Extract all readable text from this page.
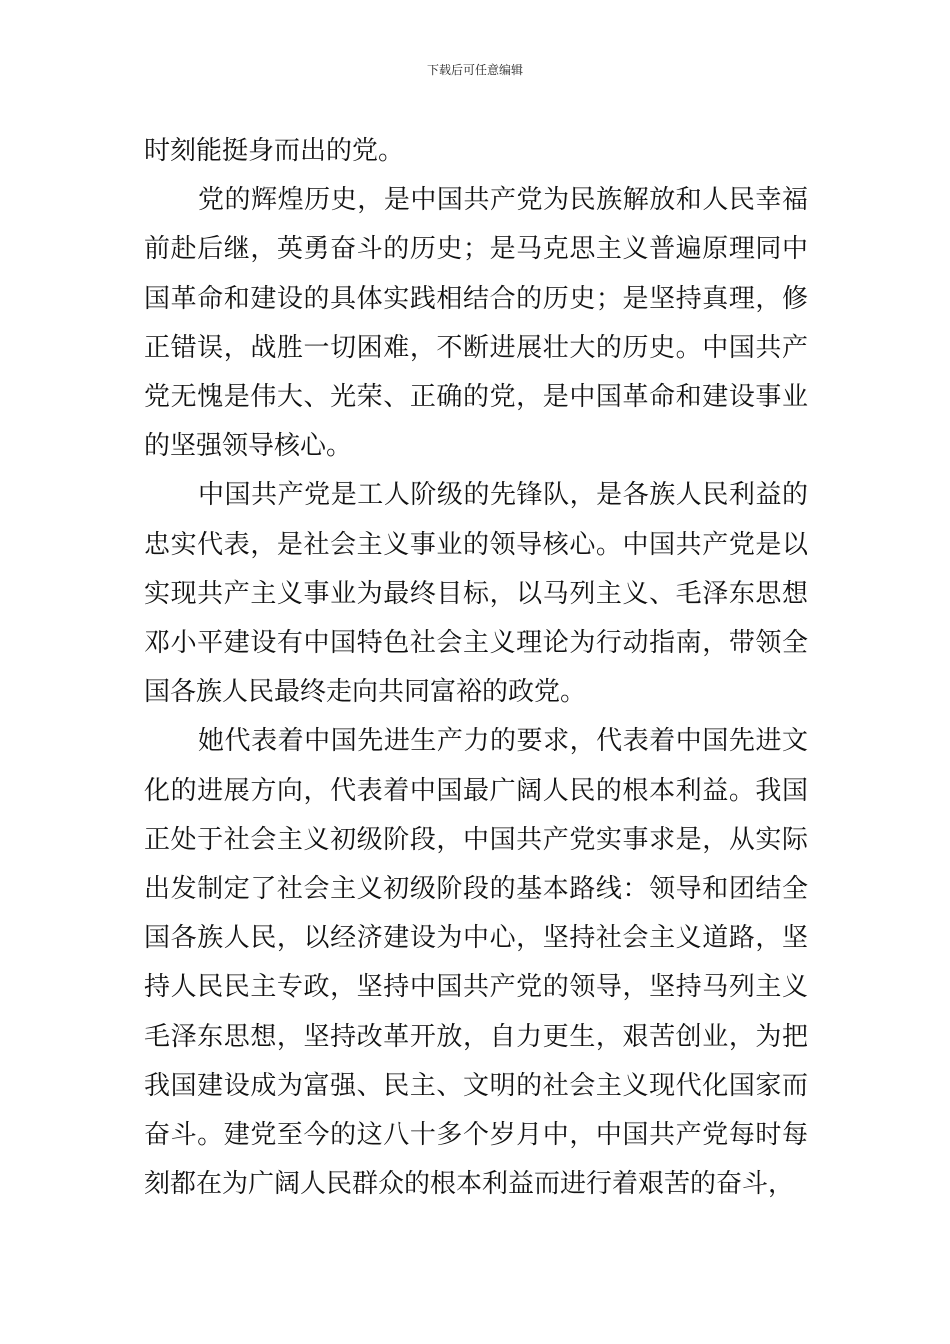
下载后可任意编辑

时刻能挺身而出的党。

党的辉煌历史，是中国共产党为民族解放和人民幸福前赴后继，英勇奋斗的历史；是马克思主义普遍原理同中国革命和建设的具体实践相结合的历史；是坚持真理，修正错误，战胜一切困难，不断进展壮大的历史。中国共产党无愧是伟大、光荣、正确的党，是中国革命和建设事业的坚强领导核心。

中国共产党是工人阶级的先锋队，是各族人民利益的忠实代表，是社会主义事业的领导核心。中国共产党是以实现共产主义事业为最终目标，以马列主义、毛泽东思想邓小平建设有中国特色社会主义理论为行动指南，带领全国各族人民最终走向共同富裕的政党。

她代表着中国先进生产力的要求，代表着中国先进文化的进展方向，代表着中国最广阔人民的根本利益。我国正处于社会主义初级阶段，中国共产党实事求是，从实际出发制定了社会主义初级阶段的基本路线：领导和团结全国各族人民，以经济建设为中心，坚持社会主义道路，坚持人民民主专政，坚持中国共产党的领导，坚持马列主义毛泽东思想，坚持改革开放，自力更生，艰苦创业，为把我国建设成为富强、民主、文明的社会主义现代化国家而奋斗。建党至今的这八十多个岁月中，中国共产党每时每刻都在为广阔人民群众的根本利益而进行着艰苦的奋斗，
